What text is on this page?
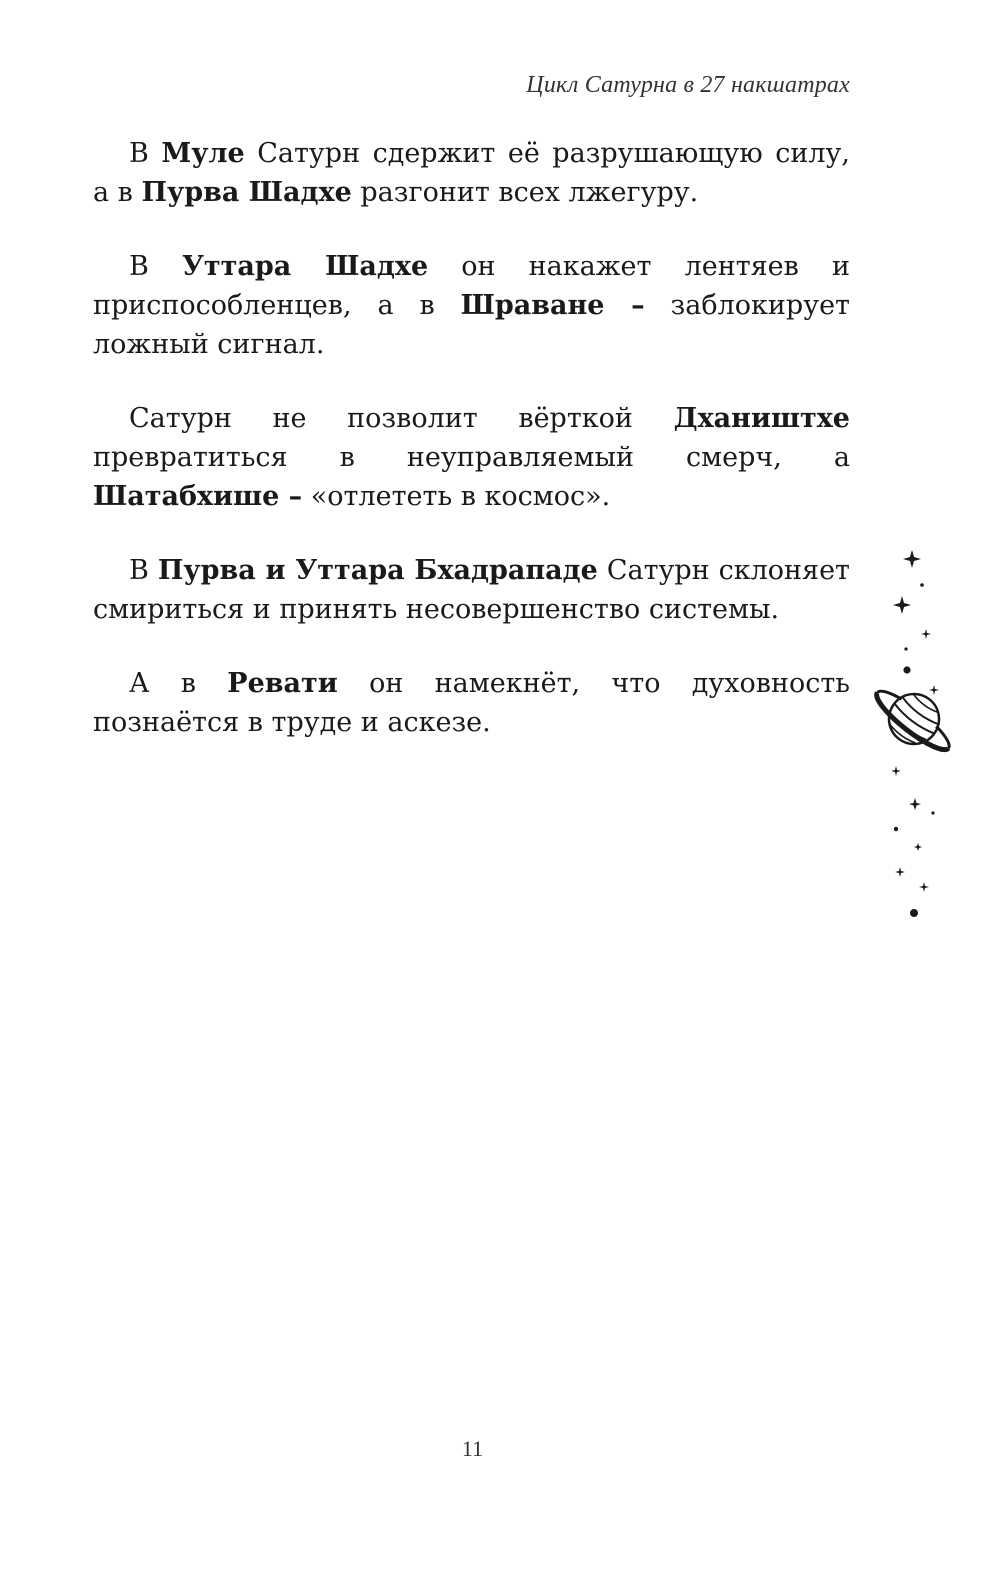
Цикл Сатурна в 27 накшатрах

В Муле Сатурн сдержит её разрушающую силу, а в Пурва Шадхе разгонит всех лжегуру.

В Уттара Шадхе он накажет лентяев и приспособленцев, а в Шраване – заблокирует ложный сигнал.

Сатурн не позволит вёрткой Дхаништхе превратиться в неуправляемый смерч, а Шатабхише – «отлететь в космос».

В Пурва и Уттара Бхадрападе Сатурн склоняет смириться и принять несовершенство системы.

А в Ревати он намекнёт, что духовность познаётся в труде и аскезе.

11
